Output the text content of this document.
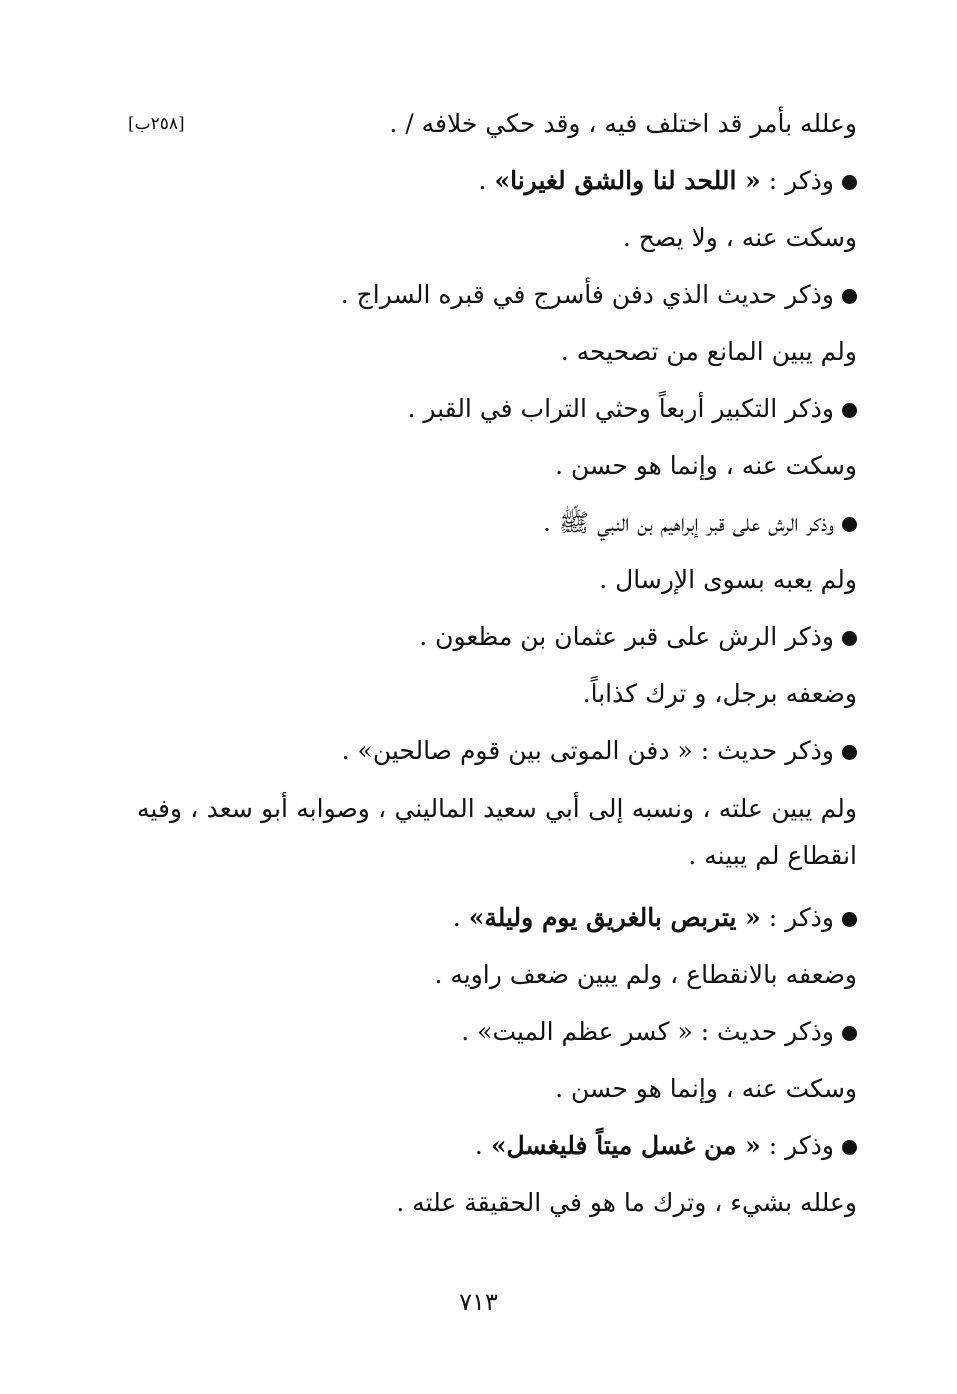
[٢٥٨ب]	وعلله بأمر قد اختلف فيه ، وقد حكي خلافه / .
وذكر : « اللحد لنا والشق لغيرنا» .
وسكت عنه ، ولا يصح .
وذكر حديث الذي دفن فأسرج في قبره السراج .
ولم يبين المانع من تصحيحه .
وذكر التكبير أربعاً وحثي التراب في القبر .
وسكت عنه ، وإنما هو حسن .
وذكر الرش على قبر إبراهيم بن النبي ﷺ .
ولم يعبه بسوى الإرسال .
وذكر الرش على قبر عثمان بن مظعون .
وضعفه برجل، و ترك كذاباً.
وذكر حديث : « دفن الموتى بين قوم صالحين» .
ولم يبين علته ، ونسبه إلى أبي سعيد الماليني ، وصوابه أبو سعد ، وفيه انقطاع لم يبينه .
وذكر : « يتربص بالغريق يوم وليلة» .
وضعفه بالانقطاع ، ولم يبين ضعف راويه .
وذكر حديث : « كسر عظم الميت» .
وسكت عنه ، وإنما هو حسن .
وذكر : « من غسل ميتاً فليغسل» .
وعلله بشيء ، وترك ما هو في الحقيقة علته .
٧١٣
